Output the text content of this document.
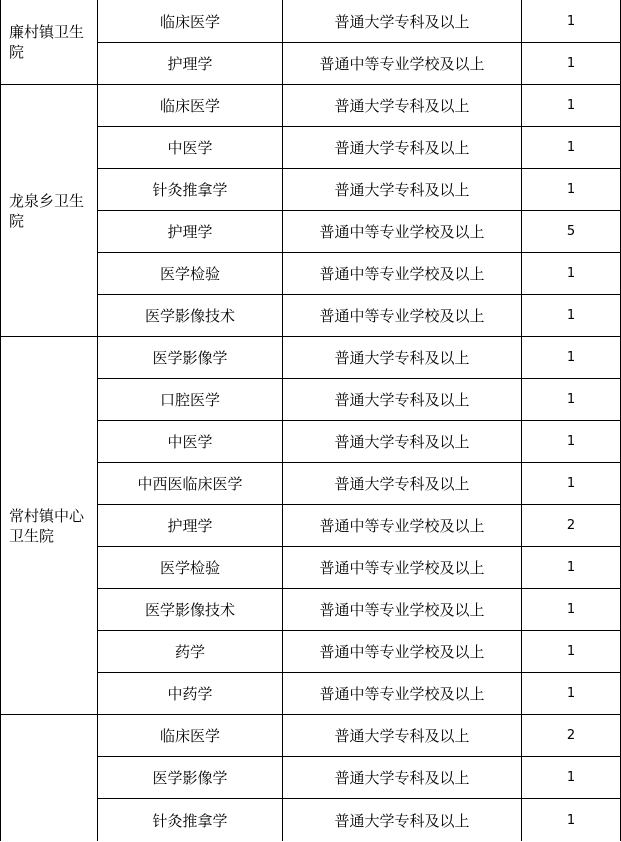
廉村镇卫生院
临床医学	普通大学专科及以上	1
护理学	普通中等专业学校及以上	1
龙泉乡卫生院
临床医学	普通大学专科及以上	1
中医学	普通大学专科及以上	1
针灸推拿学	普通大学专科及以上	1
护理学	普通中等专业学校及以上	5
医学检验	普通中等专业学校及以上	1
医学影像技术	普通中等专业学校及以上	1
常村镇中心卫生院
医学影像学	普通大学专科及以上	1
口腔医学	普通大学专科及以上	1
中医学	普通大学专科及以上	1
中西医临床医学	普通大学专科及以上	1
护理学	普通中等专业学校及以上	2
医学检验	普通中等专业学校及以上	1
医学影像技术	普通中等专业学校及以上	1
药学	普通中等专业学校及以上	1
中药学	普通中等专业学校及以上	1
临床医学	普通大学专科及以上	2
医学影像学	普通大学专科及以上	1
针灸推拿学	普通大学专科及以上	1
